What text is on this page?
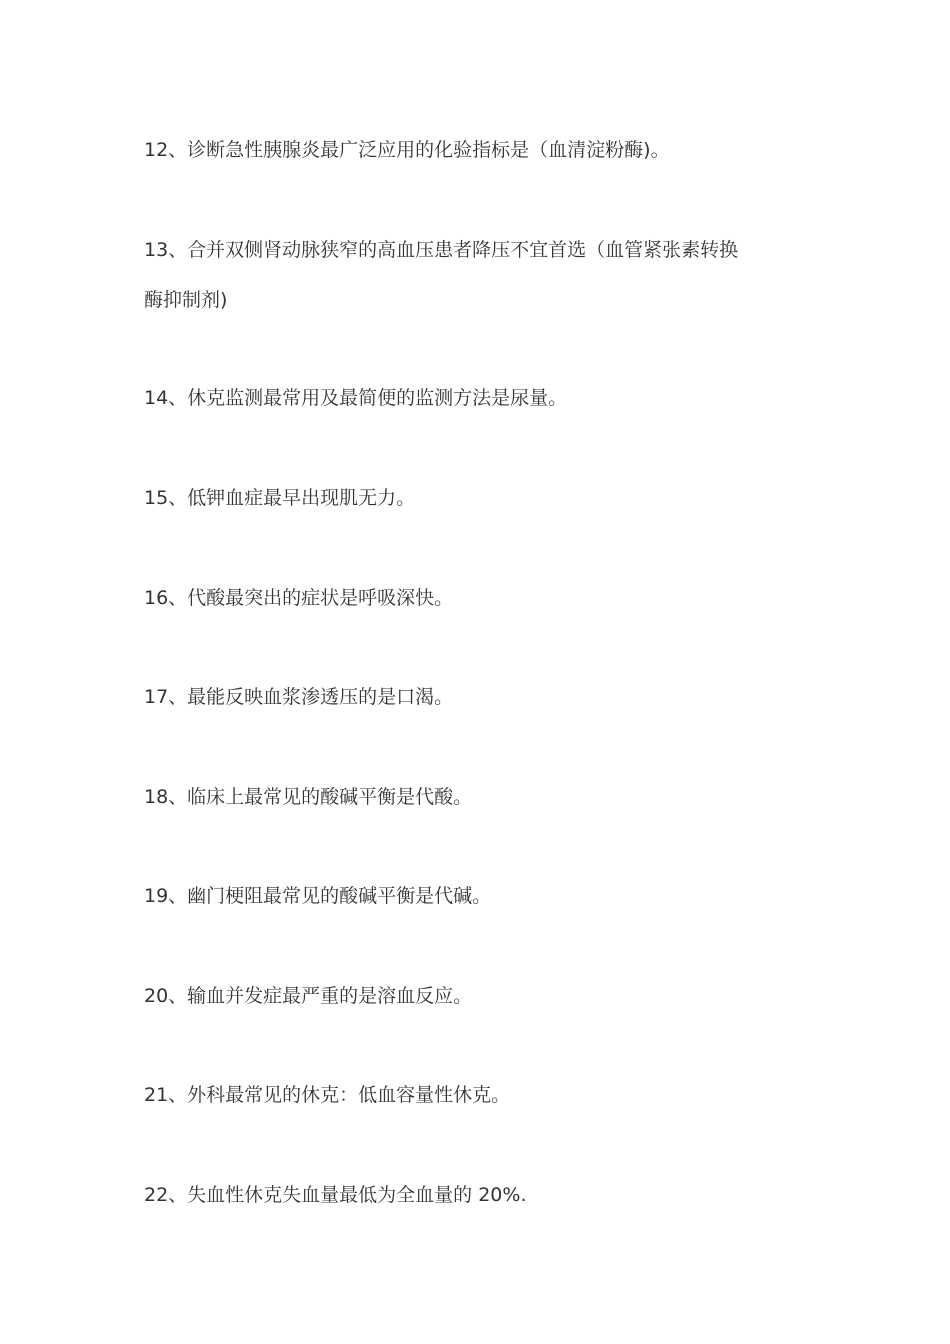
12、诊断急性胰腺炎最广泛应用的化验指标是（血清淀粉酶)。

13、合并双侧肾动脉狭窄的高血压患者降压不宜首选（血管紧张素转换
酶抑制剂)

14、休克监测最常用及最简便的监测方法是尿量。

15、低钾血症最早出现肌无力。

16、代酸最突出的症状是呼吸深快。

17、最能反映血浆渗透压的是口渴。

18、临床上最常见的酸碱平衡是代酸。

19、幽门梗阻最常见的酸碱平衡是代碱。

20、输血并发症最严重的是溶血反应。

21、外科最常见的休克：低血容量性休克。

22、失血性休克失血量最低为全血量的 20%.
